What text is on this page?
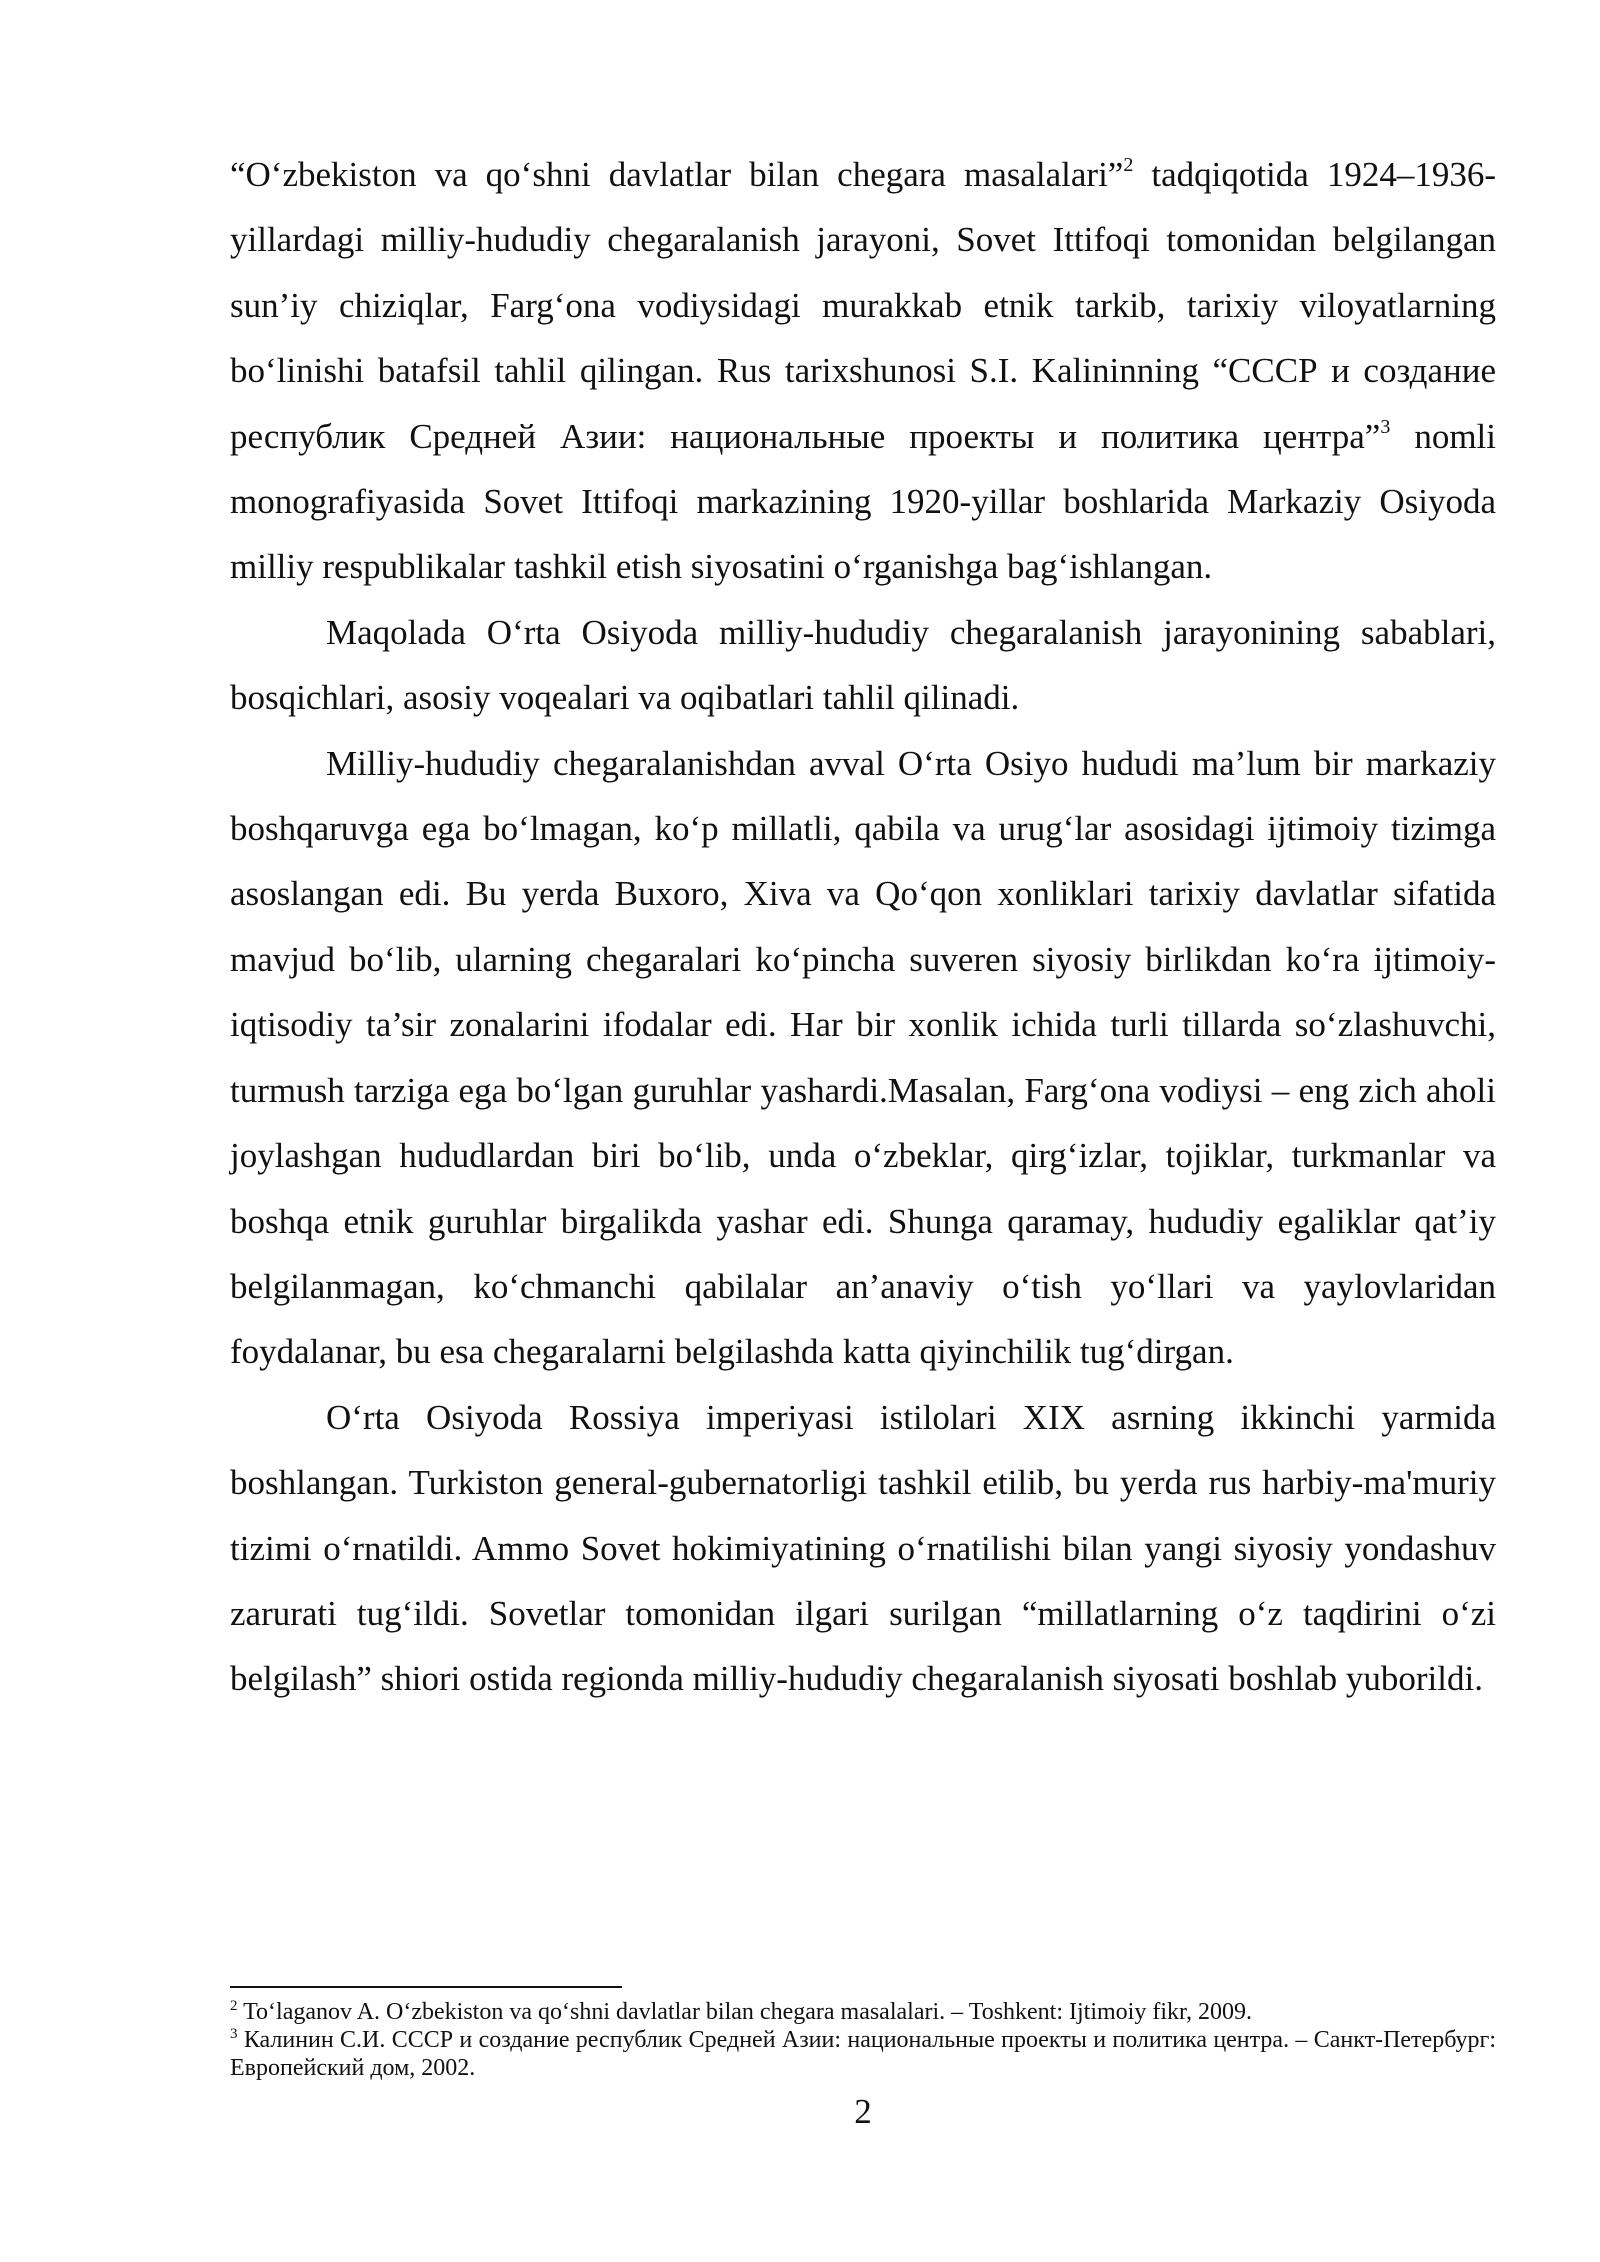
“O‘zbekiston va qo‘shni davlatlar bilan chegara masalalari”$^2$ tadqiqotida 1924–1936-yillardagi milliy-hududiy chegaralanish jarayoni, Sovet Ittifoqi tomonidan belgilangan sun’iy chiziqlar, Farg‘ona vodiysidagi murakkab etnik tarkib, tarixiy viloyatlarning bo‘linishi batafsil tahlil qilingan. Rus tarixshunosi S.I. Kalininning “СССР и создание республик Средней Азии: национальные проекты и политика центра”$^3$ nomli monografiyasida Sovet Ittifoqi markazining 1920-yillar boshlarida Markaziy Osiyoda milliy respublikalar tashkil etish siyosatini o‘rganishga bag‘ishlangan.

Maqolada O‘rta Osiyoda milliy-hududiy chegaralanish jarayonining sabablari, bosqichlari, asosiy voqealari va oqibatlari tahlil qilinadi.

Milliy-hududiy chegaralanishdan avval O‘rta Osiyo hududi ma’lum bir markaziy boshqaruvga ega bo‘lmagan, ko‘p millatli, qabila va urug‘lar asosidagi ijtimoiy tizimga asoslangan edi. Bu yerda Buxoro, Xiva va Qo‘qon xonliklari tarixiy davlatlar sifatida mavjud bo‘lib, ularning chegaralari ko‘pincha suveren siyosiy birlikdan ko‘ra ijtimoiy-iqtisodiy ta’sir zonalarini ifodalar edi. Har bir xonlik ichida turli tillarda so‘zlashuvchi, turmush tarziga ega bo‘lgan guruhlar yashardi.Masalan, Farg‘ona vodiysi – eng zich aholi joylashgan hududlardan biri bo‘lib, unda o‘zbeklar, qirg‘izlar, tojiklar, turkmanlar va boshqa etnik guruhlar birgalikda yashar edi. Shunga qaramay, hududiy egaliklar qat’iy belgilanmagan, ko‘chmanchi qabilalar an’anaviy o‘tish yo‘llari va yaylovlaridan foydalanar, bu esa chegaralarni belgilashda katta qiyinchilik tug‘dirgan.

O‘rta Osiyoda Rossiya imperiyasi istilolari XIX asrning ikkinchi yarmida boshlangan. Turkiston general-gubernatorligi tashkil etilib, bu yerda rus harbiy-ma'muriy tizimi o‘rnatildi. Ammo Sovet hokimiyatining o‘rnatilishi bilan yangi siyosiy yondashuv zarurati tug‘ildi. Sovetlar tomonidan ilgari surilgan “millatlarning o‘z taqdirini o‘zi belgilash” shiori ostida regionda milliy-hududiy chegaralanish siyosati boshlab yuborildi.

$^2$ To‘laganov A. O‘zbekiston va qo‘shni davlatlar bilan chegara masalalari. – Toshkent: Ijtimoiy fikr, 2009.

$^3$ Калинин С.И. СССР и создание республик Средней Азии: национальные проекты и политика центра. – Санкт-Петербург: Европейский дом, 2002.

2
